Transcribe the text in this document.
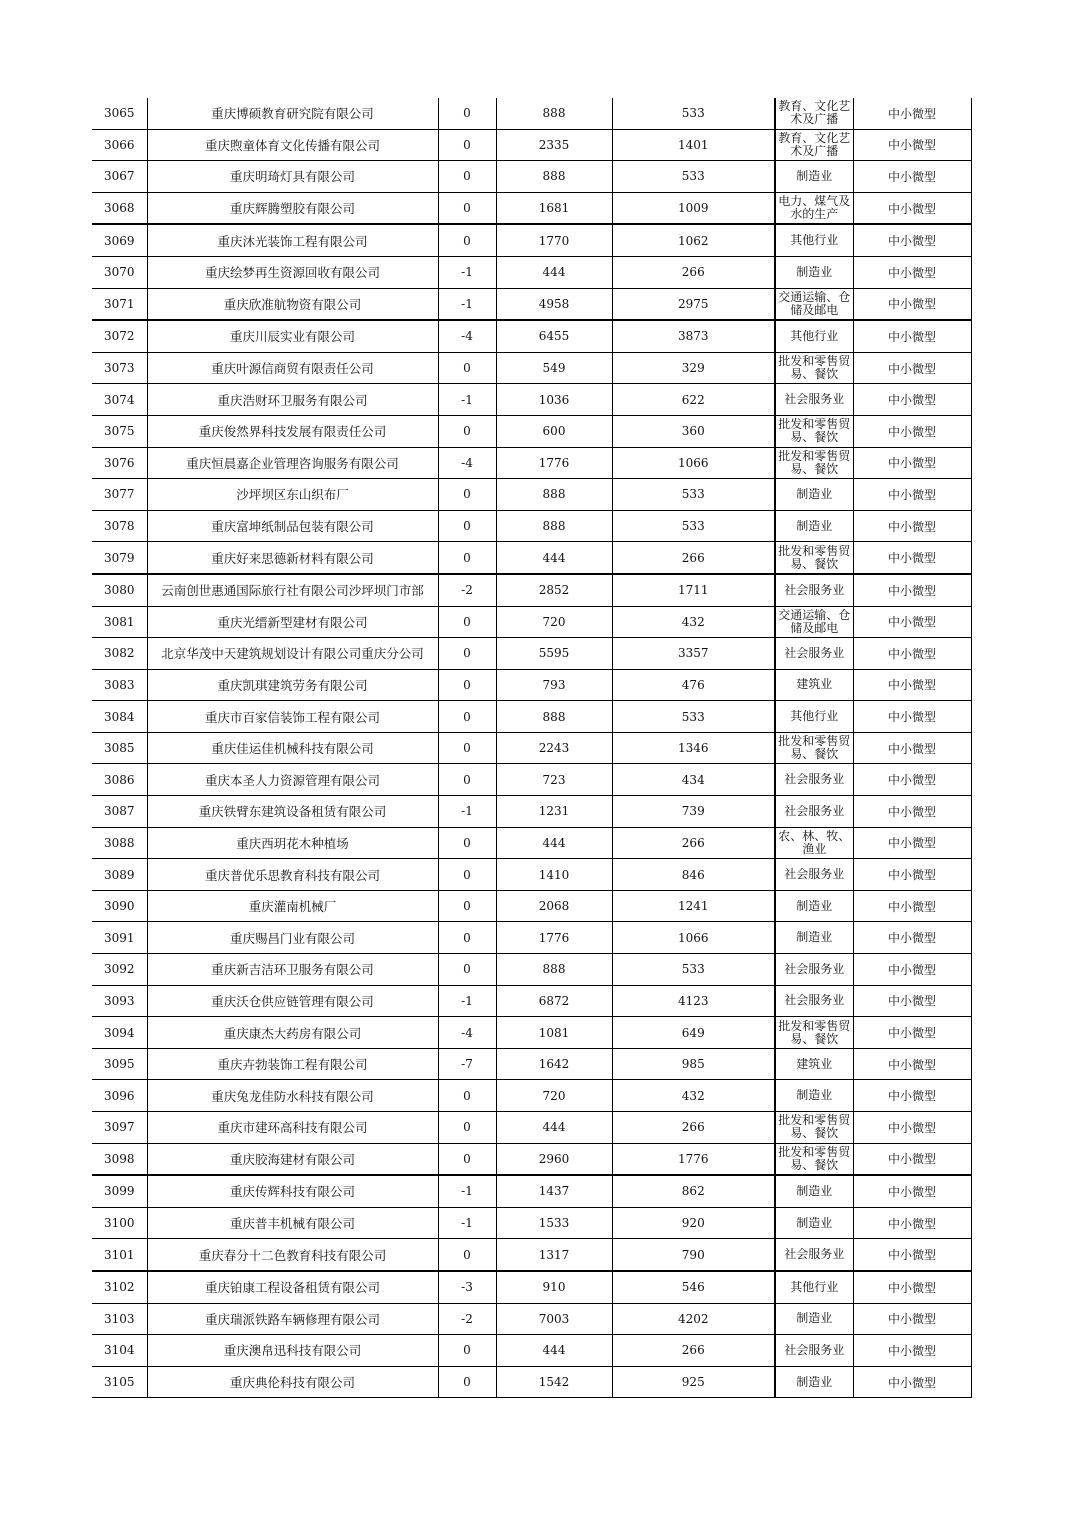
3065	重庆博硕教育研究院有限公司	0	888	533	教育、文化艺术及广播	中小微型
3066	重庆煦童体育文化传播有限公司	0	2335	1401	教育、文化艺术及广播	中小微型
3067	重庆明琦灯具有限公司	0	888	533	制造业	中小微型
3068	重庆辉腾塑胶有限公司	0	1681	1009	电力、煤气及水的生产	中小微型
3069	重庆沐光装饰工程有限公司	0	1770	1062	其他行业	中小微型
3070	重庆绘梦再生资源回收有限公司	-1	444	266	制造业	中小微型
3071	重庆欣准航物资有限公司	-1	4958	2975	交通运输、仓储及邮电	中小微型
3072	重庆川辰实业有限公司	-4	6455	3873	其他行业	中小微型
3073	重庆叶源信商贸有限责任公司	0	549	329	批发和零售贸易、餐饮	中小微型
3074	重庆浩财环卫服务有限公司	-1	1036	622	社会服务业	中小微型
3075	重庆俊然界科技发展有限责任公司	0	600	360	批发和零售贸易、餐饮	中小微型
3076	重庆恒晨嘉企业管理咨询服务有限公司	-4	1776	1066	批发和零售贸易、餐饮	中小微型
3077	沙坪坝区东山织布厂	0	888	533	制造业	中小微型
3078	重庆富坤纸制品包装有限公司	0	888	533	制造业	中小微型
3079	重庆好来思德新材料有限公司	0	444	266	批发和零售贸易、餐饮	中小微型
3080	云南创世惠通国际旅行社有限公司沙坪坝门市部	-2	2852	1711	社会服务业	中小微型
3081	重庆光缙新型建材有限公司	0	720	432	交通运输、仓储及邮电	中小微型
3082	北京华茂中天建筑规划设计有限公司重庆分公司	0	5595	3357	社会服务业	中小微型
3083	重庆凯琪建筑劳务有限公司	0	793	476	建筑业	中小微型
3084	重庆市百家信装饰工程有限公司	0	888	533	其他行业	中小微型
3085	重庆佳运佳机械科技有限公司	0	2243	1346	批发和零售贸易、餐饮	中小微型
3086	重庆本圣人力资源管理有限公司	0	723	434	社会服务业	中小微型
3087	重庆铁臂东建筑设备租赁有限公司	-1	1231	739	社会服务业	中小微型
3088	重庆西玥花木种植场	0	444	266	农、林、牧、渔业	中小微型
3089	重庆普优乐思教育科技有限公司	0	1410	846	社会服务业	中小微型
3090	重庆灌南机械厂	0	2068	1241	制造业	中小微型
3091	重庆赐昌门业有限公司	0	1776	1066	制造业	中小微型
3092	重庆新吉洁环卫服务有限公司	0	888	533	社会服务业	中小微型
3093	重庆沃仓供应链管理有限公司	-1	6872	4123	社会服务业	中小微型
3094	重庆康杰大药房有限公司	-4	1081	649	批发和零售贸易、餐饮	中小微型
3095	重庆卉勃装饰工程有限公司	-7	1642	985	建筑业	中小微型
3096	重庆兔龙佳防水科技有限公司	0	720	432	制造业	中小微型
3097	重庆市建环高科技有限公司	0	444	266	批发和零售贸易、餐饮	中小微型
3098	重庆胶海建材有限公司	0	2960	1776	批发和零售贸易、餐饮	中小微型
3099	重庆传辉科技有限公司	-1	1437	862	制造业	中小微型
3100	重庆普丰机械有限公司	-1	1533	920	制造业	中小微型
3101	重庆春分十二色教育科技有限公司	0	1317	790	社会服务业	中小微型
3102	重庆铂康工程设备租赁有限公司	-3	910	546	其他行业	中小微型
3103	重庆瑞派铁路车辆修理有限公司	-2	7003	4202	制造业	中小微型
3104	重庆澳帛迅科技有限公司	0	444	266	社会服务业	中小微型
3105	重庆典伦科技有限公司	0	1542	925	制造业	中小微型
